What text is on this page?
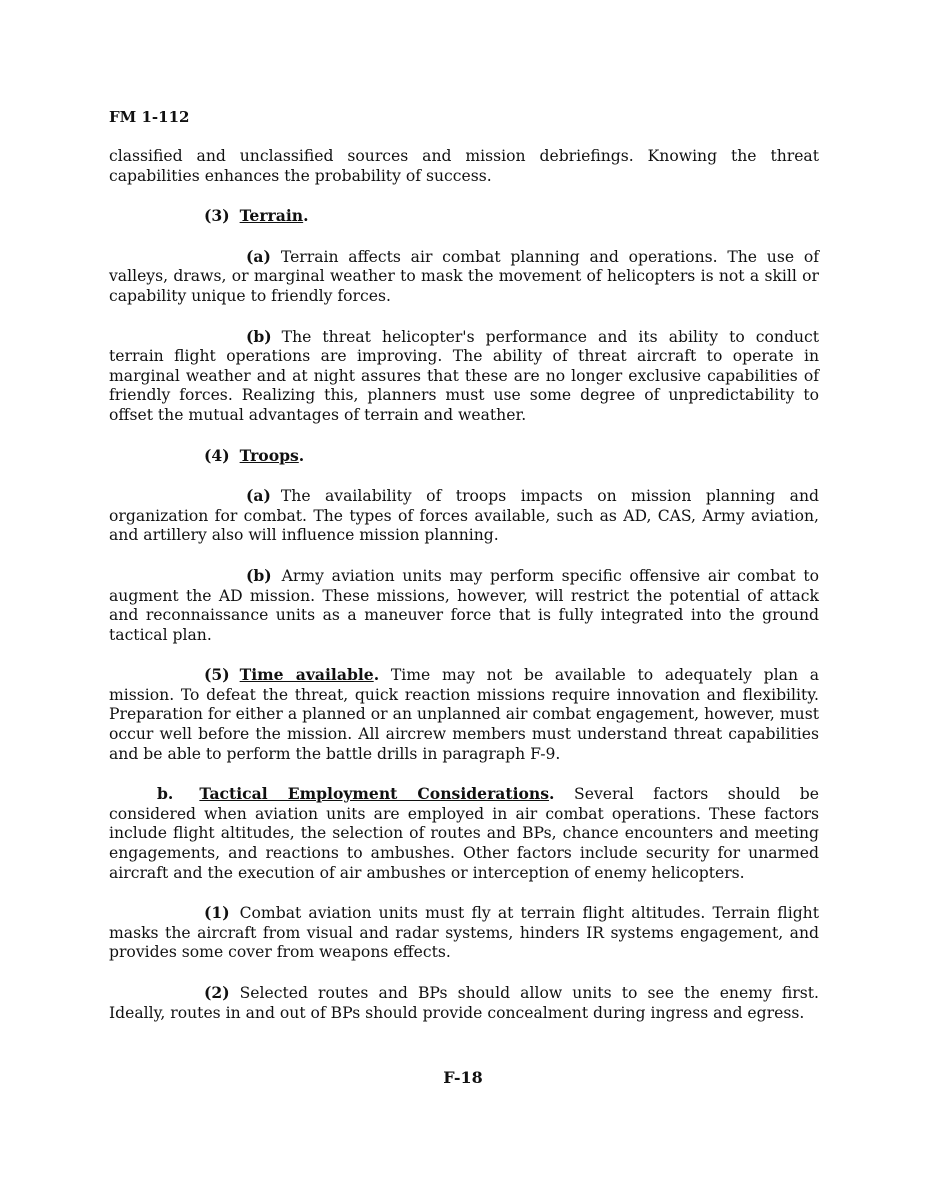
FM 1-112

classified and unclassified sources and mission debriefings. Knowing the threat capabilities enhances the probability of success.

(3) Terrain.

(a) Terrain affects air combat planning and operations. The use of valleys, draws, or marginal weather to mask the movement of helicopters is not a skill or capability unique to friendly forces.

(b) The threat helicopter's performance and its ability to conduct terrain flight operations are improving. The ability of threat aircraft to operate in marginal weather and at night assures that these are no longer exclusive capabilities of friendly forces. Realizing this, planners must use some degree of unpredictability to offset the mutual advantages of terrain and weather.

(4) Troops.

(a) The availability of troops impacts on mission planning and organization for combat. The types of forces available, such as AD, CAS, Army aviation, and artillery also will influence mission planning.

(b) Army aviation units may perform specific offensive air combat to augment the AD mission. These missions, however, will restrict the potential of attack and reconnaissance units as a maneuver force that is fully integrated into the ground tactical plan.

(5) Time available. Time may not be available to adequately plan a mission. To defeat the threat, quick reaction missions require innovation and flexibility. Preparation for either a planned or an unplanned air combat engagement, however, must occur well before the mission. All aircrew members must understand threat capabilities and be able to perform the battle drills in paragraph F-9.

b. Tactical Employment Considerations. Several factors should be considered when aviation units are employed in air combat operations. These factors include flight altitudes, the selection of routes and BPs, chance encounters and meeting engagements, and reactions to ambushes. Other factors include security for unarmed aircraft and the execution of air ambushes or interception of enemy helicopters.

(1) Combat aviation units must fly at terrain flight altitudes. Terrain flight masks the aircraft from visual and radar systems, hinders IR systems engagement, and provides some cover from weapons effects.

(2) Selected routes and BPs should allow units to see the enemy first. Ideally, routes in and out of BPs should provide concealment during ingress and egress.

F-18
